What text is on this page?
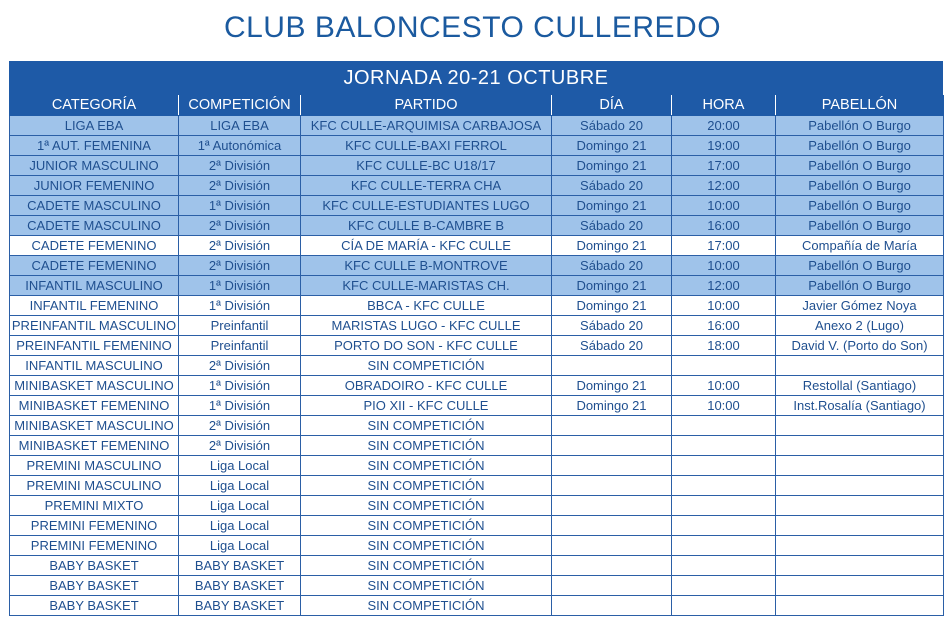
CLUB BALONCESTO CULLEREDO
JORNADA 20-21 OCTUBRE
CATEGORÍA	COMPETICIÓN	PARTIDO	DÍA	HORA	PABELLÓN
LIGA EBA	LIGA EBA	KFC CULLE-ARQUIMISA CARBAJOSA	Sábado 20	20:00	Pabellón O Burgo
1ª AUT. FEMENINA	1ª Autonómica	KFC CULLE-BAXI FERROL	Domingo 21	19:00	Pabellón O Burgo
JUNIOR MASCULINO	2ª División	KFC CULLE-BC U18/17	Domingo 21	17:00	Pabellón O Burgo
JUNIOR FEMENINO	2ª División	KFC CULLE-TERRA CHA	Sábado 20	12:00	Pabellón O Burgo
CADETE MASCULINO	1ª División	KFC CULLE-ESTUDIANTES LUGO	Domingo 21	10:00	Pabellón O Burgo
CADETE MASCULINO	2ª División	KFC CULLE B-CAMBRE B	Sábado 20	16:00	Pabellón O Burgo
CADETE FEMENINO	2ª División	CÍA DE MARÍA - KFC CULLE	Domingo 21	17:00	Compañía de María
CADETE FEMENINO	2ª División	KFC CULLE B-MONTROVE	Sábado 20	10:00	Pabellón O Burgo
INFANTIL MASCULINO	1ª División	KFC CULLE-MARISTAS CH.	Domingo 21	12:00	Pabellón O Burgo
INFANTIL FEMENINO	1ª División	BBCA - KFC CULLE	Domingo 21	10:00	Javier Gómez Noya
PREINFANTIL MASCULINO	Preinfantil	MARISTAS LUGO - KFC CULLE	Sábado 20	16:00	Anexo 2 (Lugo)
PREINFANTIL FEMENINO	Preinfantil	PORTO DO SON - KFC CULLE	Sábado 20	18:00	David V. (Porto do Son)
INFANTIL MASCULINO	2ª División	SIN COMPETICIÓN			
MINIBASKET MASCULINO	1ª División	OBRADOIRO - KFC CULLE	Domingo 21	10:00	Restollal (Santiago)
MINIBASKET FEMENINO	1ª División	PIO XII - KFC CULLE	Domingo 21	10:00	Inst.Rosalía (Santiago)
MINIBASKET MASCULINO	2ª División	SIN COMPETICIÓN			
MINIBASKET FEMENINO	2ª División	SIN COMPETICIÓN			
PREMINI MASCULINO	Liga Local	SIN COMPETICIÓN			
PREMINI MASCULINO	Liga Local	SIN COMPETICIÓN			
PREMINI MIXTO	Liga Local	SIN COMPETICIÓN			
PREMINI FEMENINO	Liga Local	SIN COMPETICIÓN			
PREMINI FEMENINO	Liga Local	SIN COMPETICIÓN			
BABY BASKET	BABY BASKET	SIN COMPETICIÓN			
BABY BASKET	BABY BASKET	SIN COMPETICIÓN			
BABY BASKET	BABY BASKET	SIN COMPETICIÓN			
